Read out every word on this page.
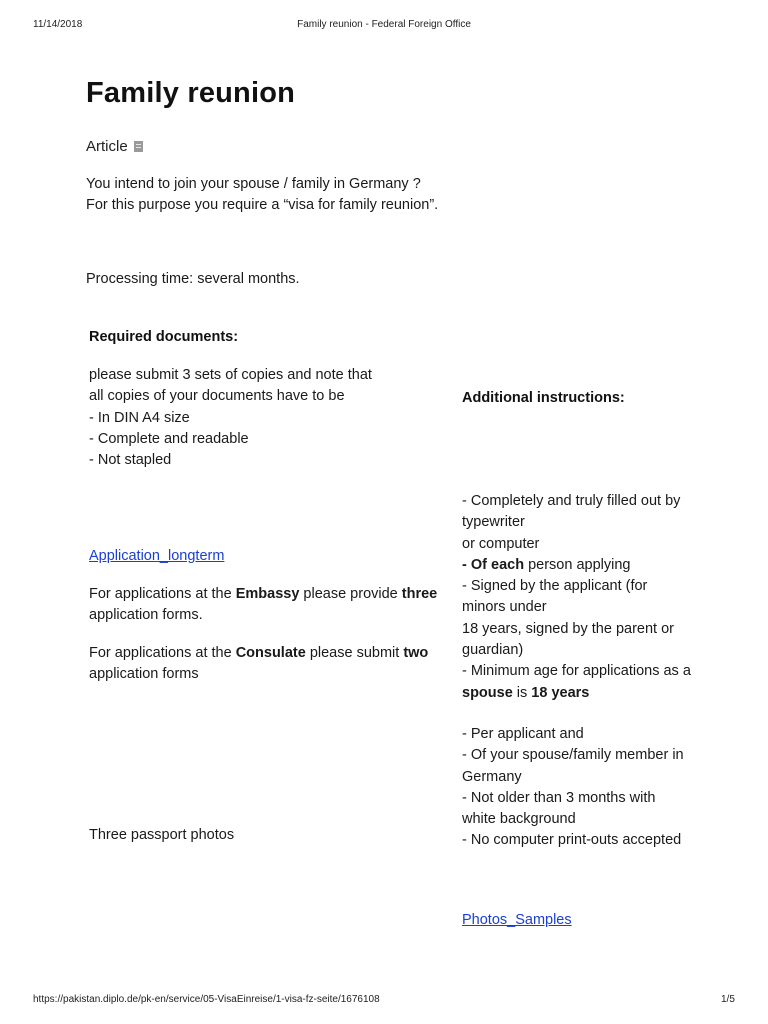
11/14/2018	Family reunion - Federal Foreign Office
Family reunion
Article
You intend to join your spouse / family in Germany ?
For this purpose you require a “visa for family reunion”.
Processing time: several months.
Required documents:
please submit 3 sets of copies and note that
all copies of your documents have to be
- In DIN A4 size
- Complete and readable
- Not stapled
Application_longterm
For applications at the Embassy please provide three
application forms.
For applications at the Consulate please submit two
application forms
Three passport photos
Additional instructions:
- Completely and truly filled out by
typewriter
or computer
- Of each person applying
- Signed by the applicant (for
minors under
18 years, signed by the parent or
guardian)
- Minimum age for applications as a
spouse is 18 years
- Per applicant and
- Of your spouse/family member in
Germany
- Not older than 3 months with
white background
- No computer print-outs accepted
Photos_Samples
https://pakistan.diplo.de/pk-en/service/05-VisaEinreise/1-visa-fz-seite/1676108	1/5
